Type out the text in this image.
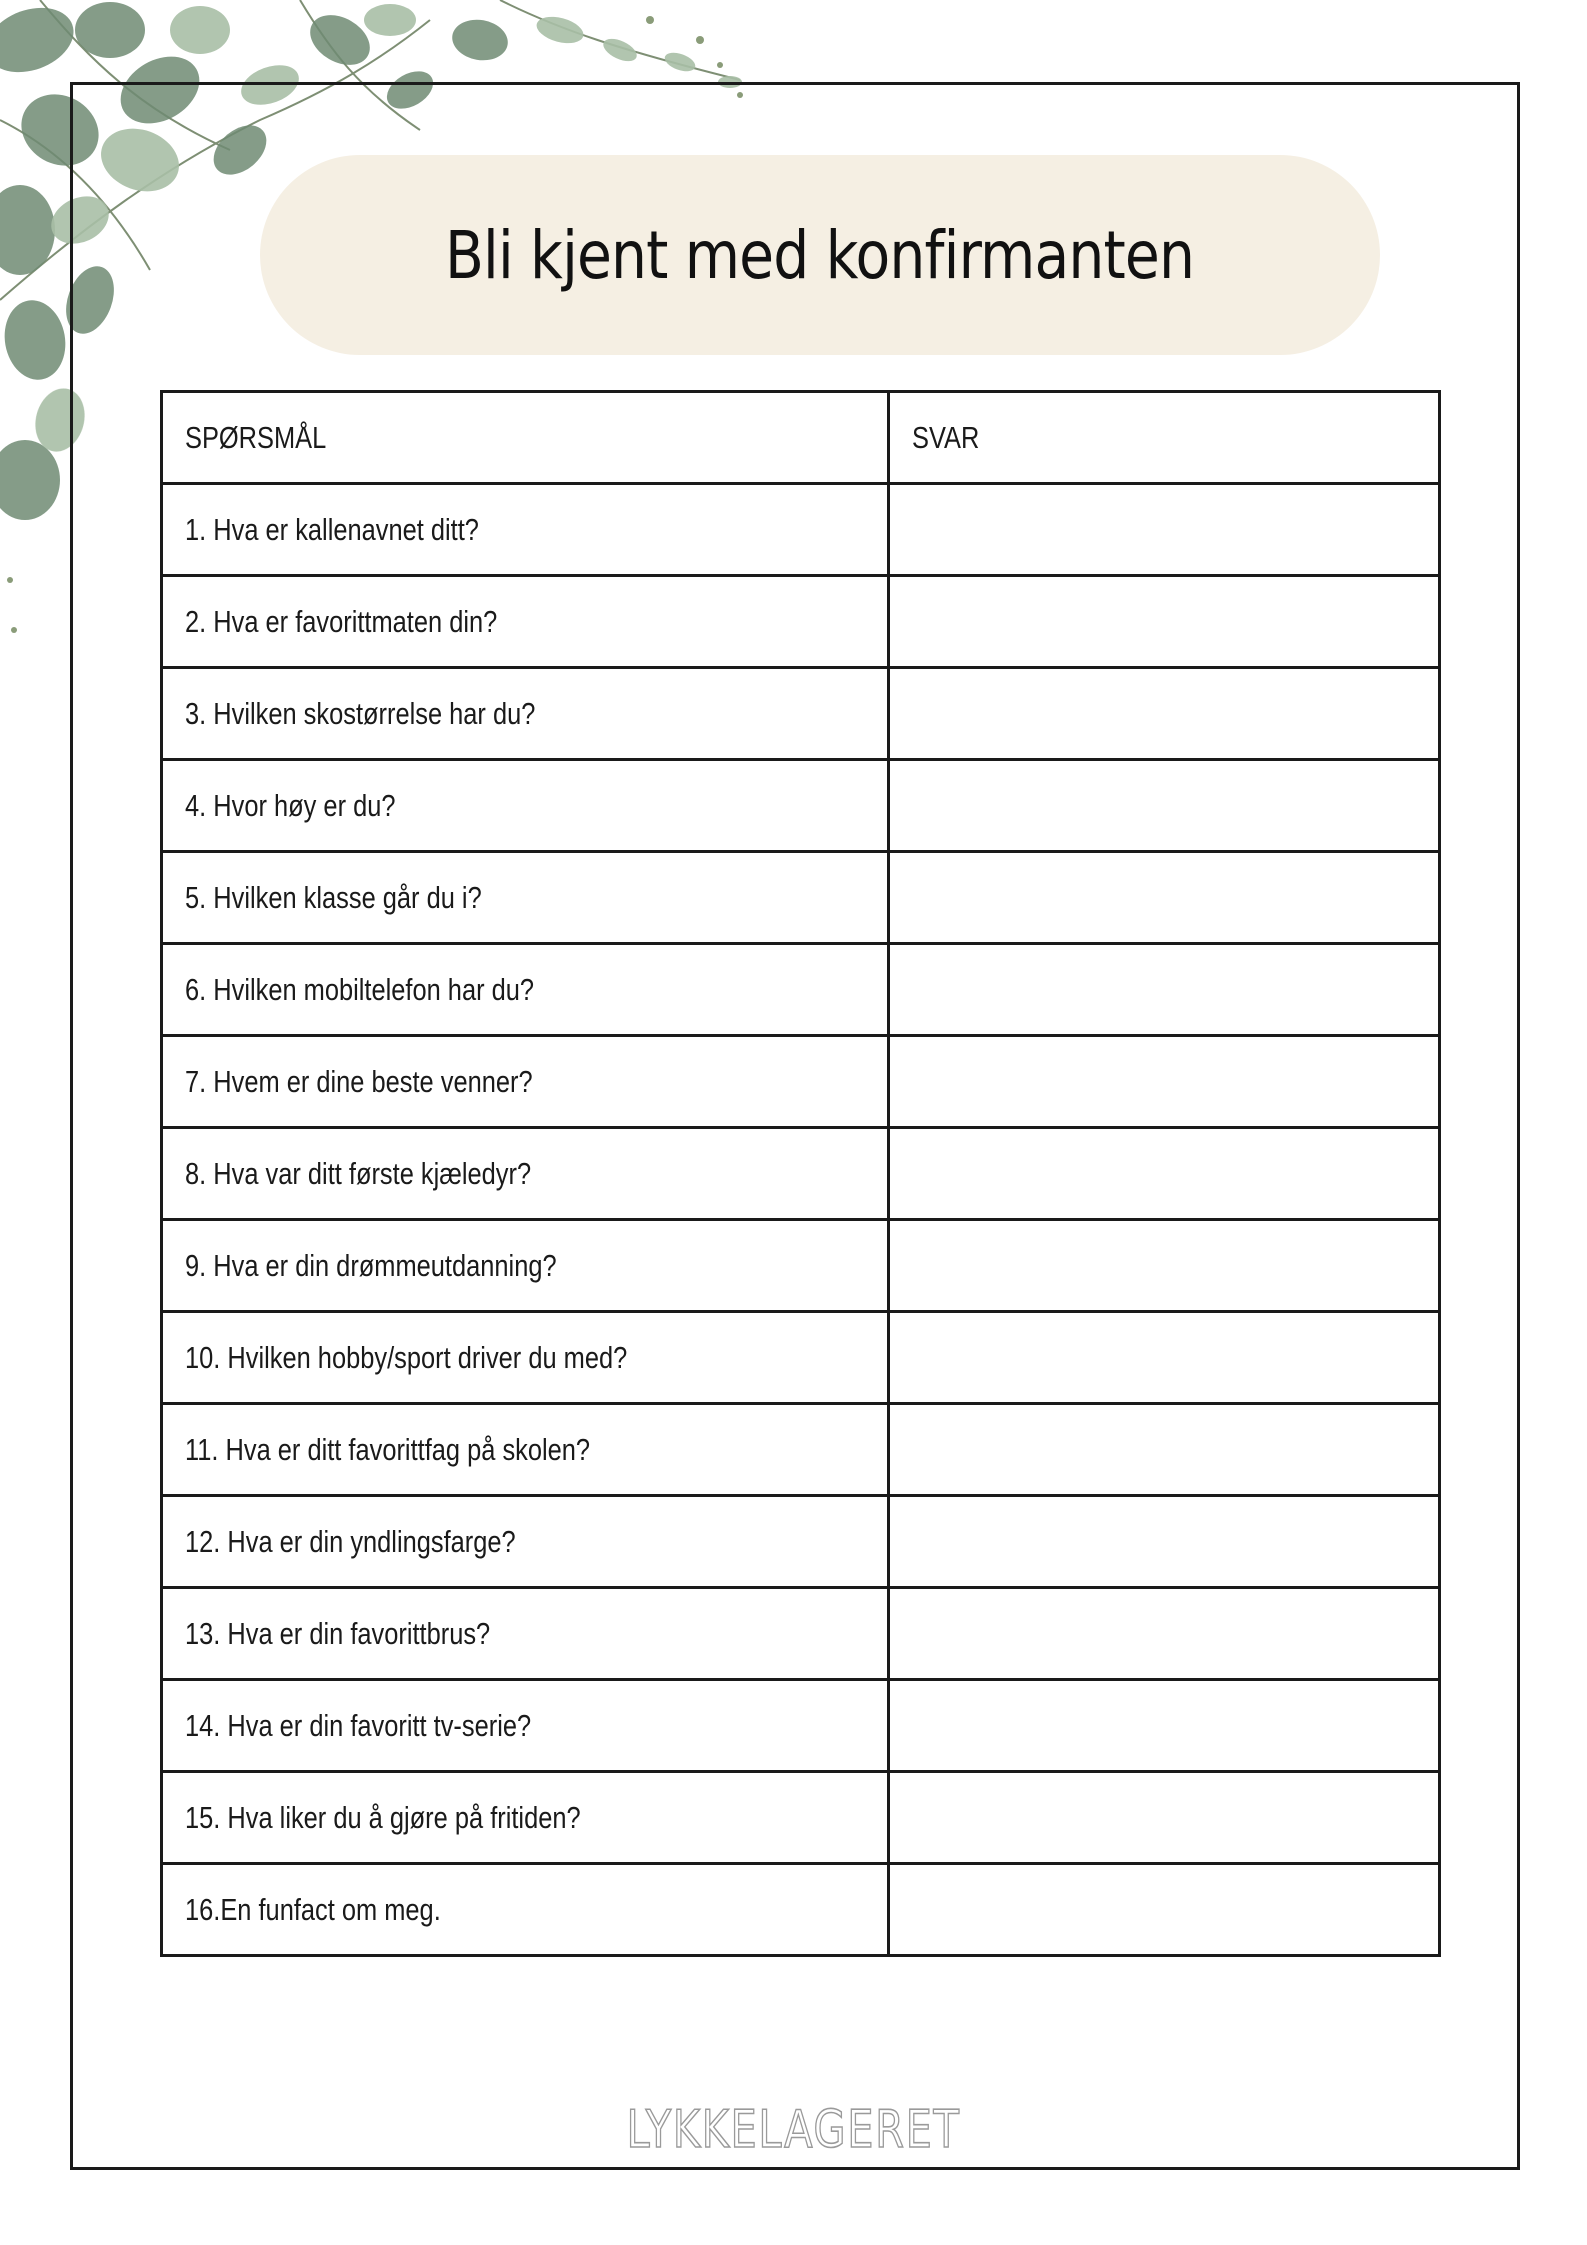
Bli kjent med konfirmanten
SPØRSMÅL	SVAR
1. Hva er kallenavnet ditt?	
2. Hva er favorittmaten din?	
3. Hvilken skostørrelse har du?	
4. Hvor høy er du?	
5. Hvilken klasse går du i?	
6. Hvilken mobiltelefon har du?	
7. Hvem er dine beste venner?	
8. Hva var ditt første kjæledyr?	
9. Hva er din drømmeutdanning?	
10. Hvilken hobby/sport driver du med?	
11. Hva er ditt favorittfag på skolen?	
12. Hva er din yndlingsfarge?	
13. Hva er din favorittbrus?	
14. Hva er din favoritt tv-serie?	
15. Hva liker du å gjøre på fritiden?	
16.En funfact om meg.	
LYKKELAGERET
